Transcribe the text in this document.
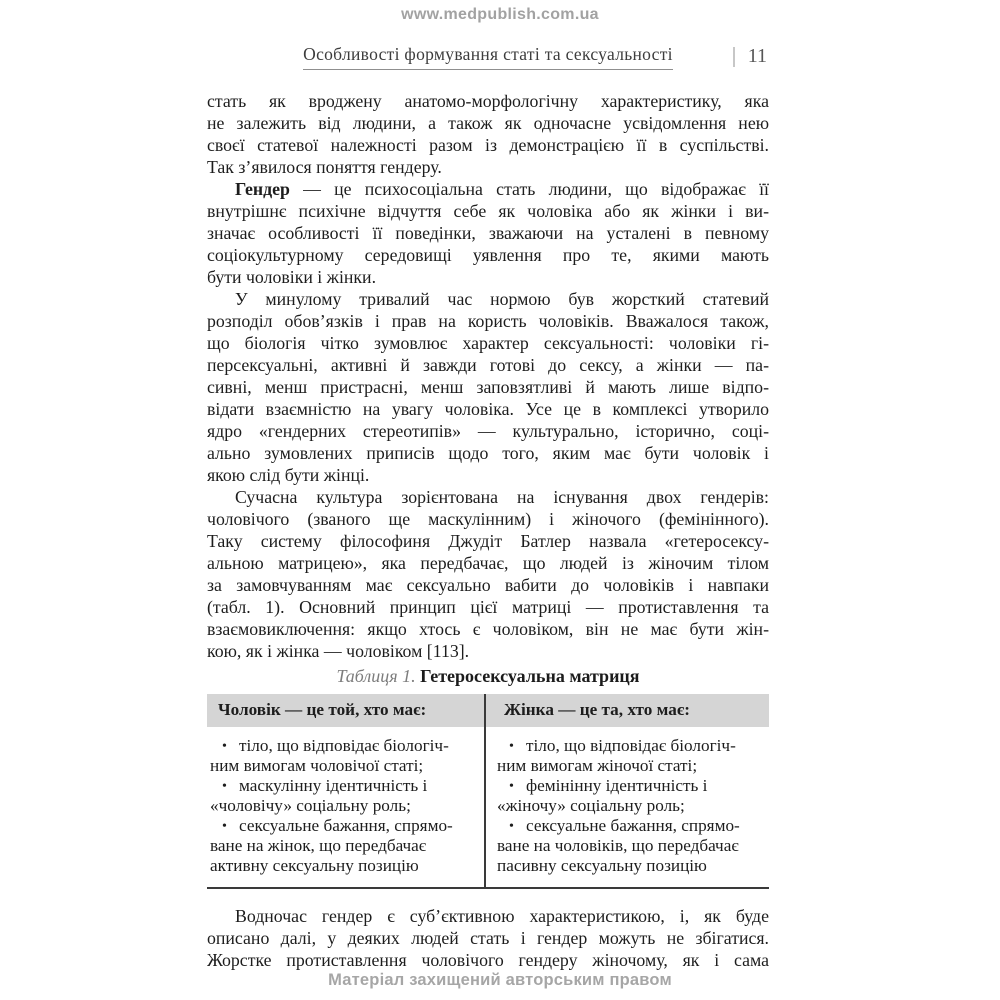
www.medpublish.com.ua
Особливості формування статі та сексуальності	11
стать як вроджену анатомо-морфологічну характеристику, яка
не залежить від людини, а також як одночасне усвідомлення нею
своєї статевої належності разом із демонстрацією її в суспільстві.
Так з’явилося поняття гендеру.
Гендер — це психосоціальна стать людини, що відображає її
внутрішнє психічне відчуття себе як чоловіка або як жінки і ви-
значає особливості її поведінки, зважаючи на усталені в певному
соціокультурному середовищі уявлення про те, якими мають
бути чоловіки і жінки.
У минулому тривалий час нормою був жорсткий статевий
розподіл обов’язків і прав на користь чоловіків. Вважалося також,
що біологія чітко зумовлює характер сексуальності: чоловіки гі-
персексуальні, активні й завжди готові до сексу, а жінки — па-
сивні, менш пристрасні, менш заповзятливі й мають лише відпо-
відати взаємністю на увагу чоловіка. Усе це в комплексі утворило
ядро «гендерних стереотипів» — культурально, історично, соці-
ально зумовлених приписів щодо того, яким має бути чоловік і
якою слід бути жінці.
Сучасна культура зорієнтована на існування двох гендерів:
чоловічого (званого ще маскулінним) і жіночого (фемінінного).
Таку систему філософиня Джудіт Батлер назвала «гетеросексу-
альною матрицею», яка передбачає, що людей із жіночим тілом
за замовчуванням має сексуально вабити до чоловіків і навпаки
(табл. 1). Основний принцип цієї матриці — протиставлення та
взаємовиключення: якщо хтось є чоловіком, він не має бути жін-
кою, як і жінка — чоловіком [113].
Таблиця 1. Гетеросексуальна матриця
Чоловік — це той, хто має:	Жінка — це та, хто має:
• тіло, що відповідає біологіч-
ним вимогам чоловічої статі;
• маскулінну ідентичність і
«чоловічу» соціальну роль;
• сексуальне бажання, спрямо-
ване на жінок, що передбачає
активну сексуальну позицію
• тіло, що відповідає біологіч-
ним вимогам жіночої статі;
• фемінінну ідентичність і
«жіночу» соціальну роль;
• сексуальне бажання, спрямо-
ване на чоловіків, що передбачає
пасивну сексуальну позицію
Водночас гендер є суб’єктивною характеристикою, і, як буде
описано далі, у деяких людей стать і гендер можуть не збігатися.
Жорстке протиставлення чоловічого гендеру жіночому, як і сама
Матеріал захищений авторським правом
